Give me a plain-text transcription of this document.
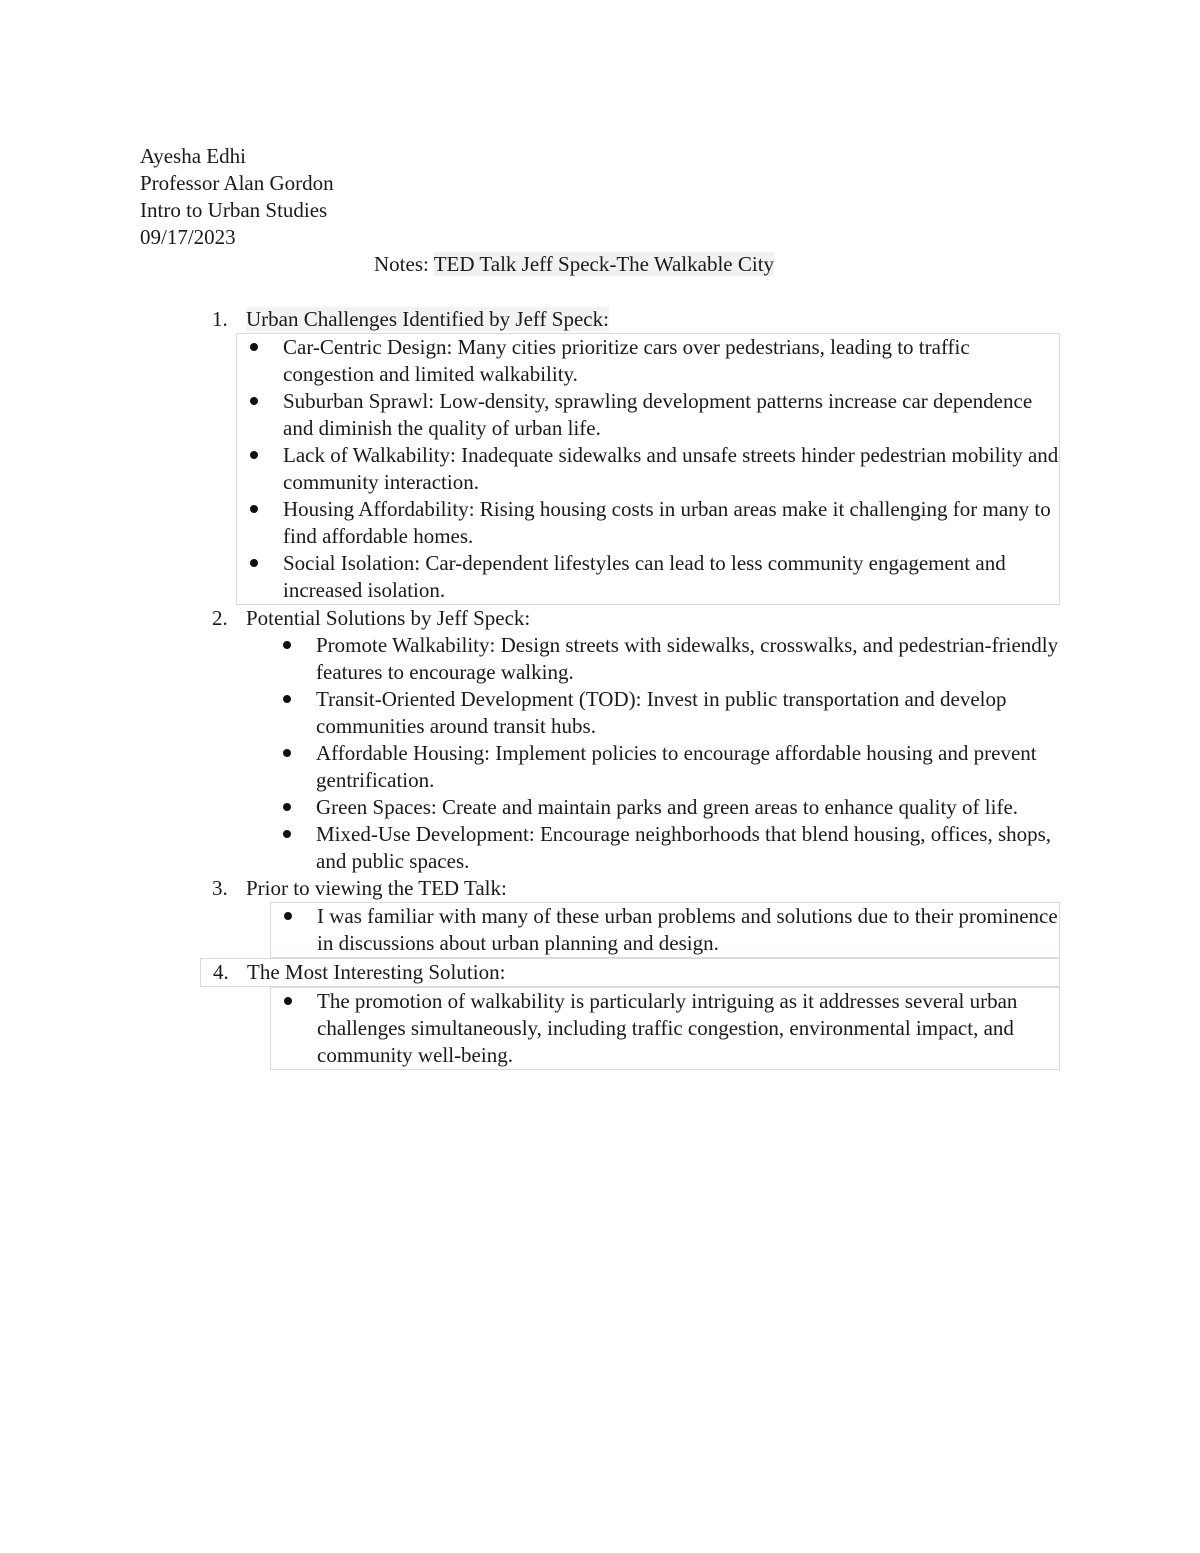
Ayesha Edhi
Professor Alan Gordon
Intro to Urban Studies
09/17/2023
Notes: TED Talk Jeff Speck-The Walkable City
1. Urban Challenges Identified by Jeff Speck:
Car-Centric Design: Many cities prioritize cars over pedestrians, leading to traffic congestion and limited walkability.
Suburban Sprawl: Low-density, sprawling development patterns increase car dependence and diminish the quality of urban life.
Lack of Walkability: Inadequate sidewalks and unsafe streets hinder pedestrian mobility and community interaction.
Housing Affordability: Rising housing costs in urban areas make it challenging for many to find affordable homes.
Social Isolation: Car-dependent lifestyles can lead to less community engagement and increased isolation.
2. Potential Solutions by Jeff Speck:
Promote Walkability: Design streets with sidewalks, crosswalks, and pedestrian-friendly features to encourage walking.
Transit-Oriented Development (TOD): Invest in public transportation and develop communities around transit hubs.
Affordable Housing: Implement policies to encourage affordable housing and prevent gentrification.
Green Spaces: Create and maintain parks and green areas to enhance quality of life.
Mixed-Use Development: Encourage neighborhoods that blend housing, offices, shops, and public spaces.
3. Prior to viewing the TED Talk:
I was familiar with many of these urban problems and solutions due to their prominence in discussions about urban planning and design.
4. The Most Interesting Solution:
The promotion of walkability is particularly intriguing as it addresses several urban challenges simultaneously, including traffic congestion, environmental impact, and community well-being.
